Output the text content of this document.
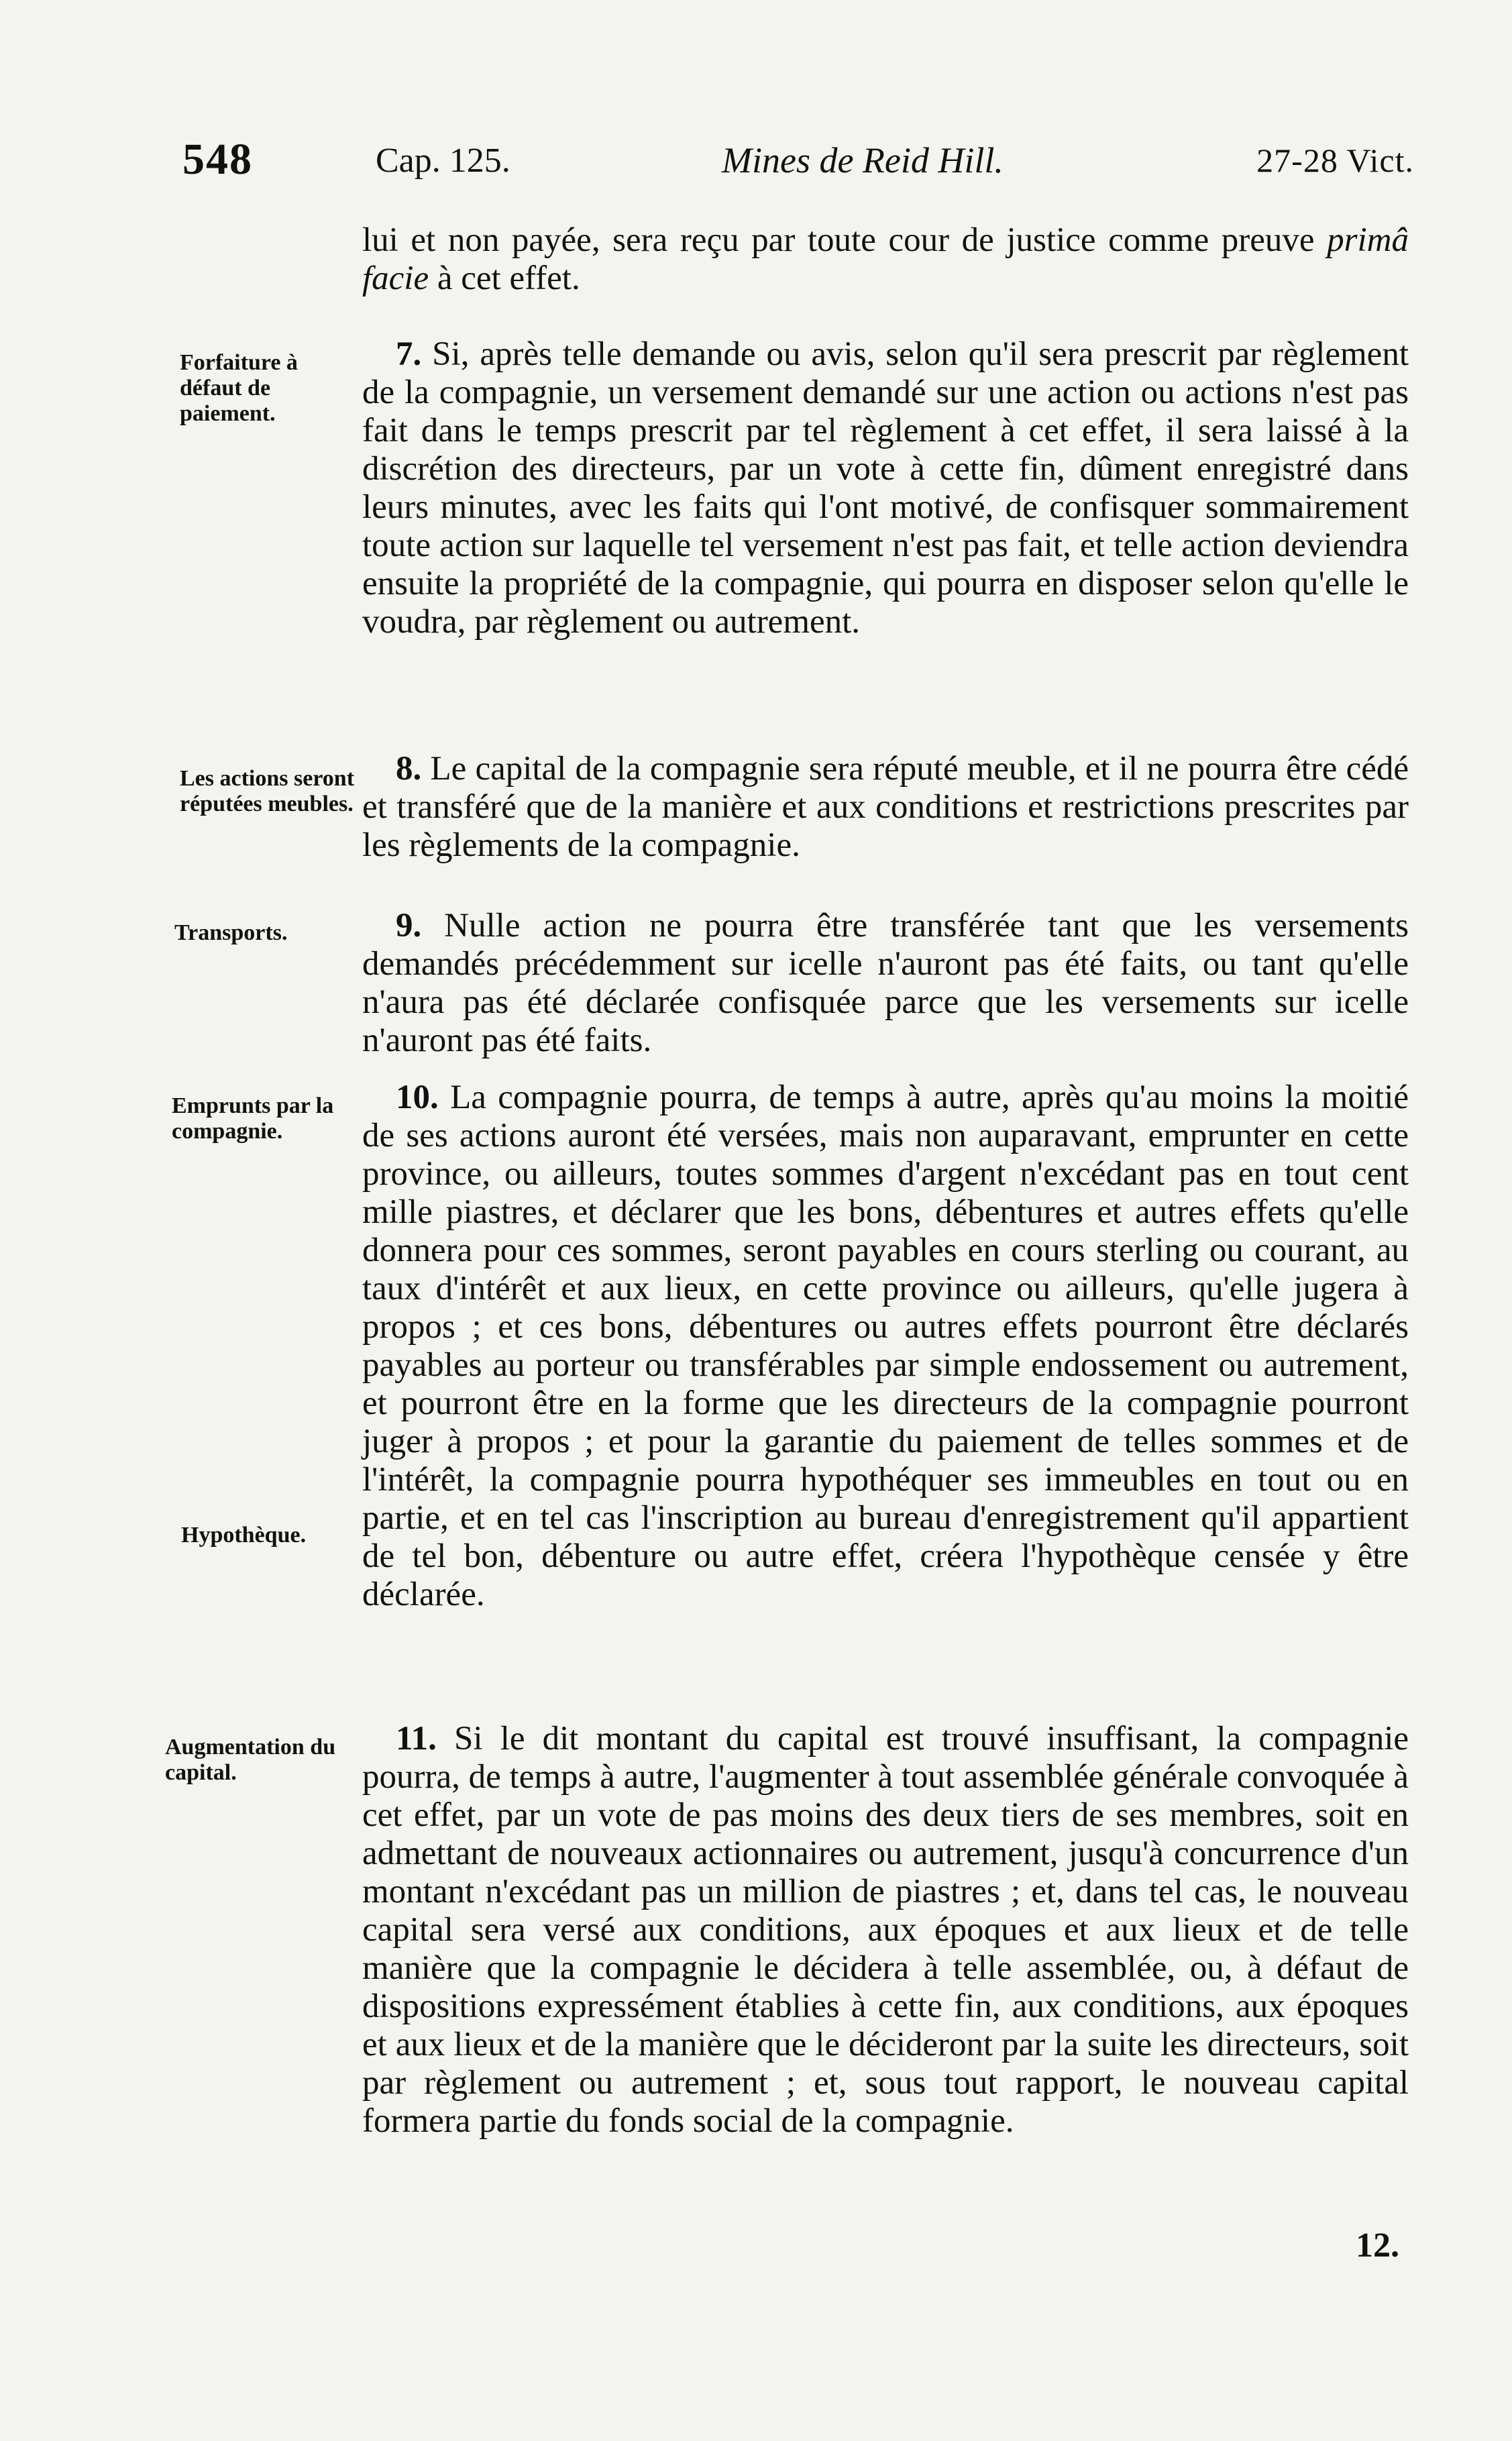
548	Cap. 125.	Mines de Reid Hill.	27-28 Vict.
lui et non payée, sera reçu par toute cour de justice comme preuve primâ facie à cet effet.
Forfaiture à défaut de paiement.
7. Si, après telle demande ou avis, selon qu'il sera prescrit par règlement de la compagnie, un versement demandé sur une action ou actions n'est pas fait dans le temps prescrit par tel règlement à cet effet, il sera laissé à la discrétion des directeurs, par un vote à cette fin, dûment enregistré dans leurs minutes, avec les faits qui l'ont motivé, de confisquer sommairement toute action sur laquelle tel versement n'est pas fait, et telle action deviendra ensuite la propriété de la compagnie, qui pourra en disposer selon qu'elle le voudra, par règlement ou autrement.
Les actions seront réputées meubles.
8. Le capital de la compagnie sera réputé meuble, et il ne pourra être cédé et transféré que de la manière et aux conditions et restrictions prescrites par les règlements de la compagnie.
Transports.	9. Nulle action ne pourra être transférée tant que les versements demandés précédemment sur icelle n'auront pas été faits, ou tant qu'elle n'aura pas été déclarée confisquée parce que les versements sur icelle n'auront pas été faits.
Emprunts par la compagnie.
Hypothèque.
10. La compagnie pourra, de temps à autre, après qu'au moins la moitié de ses actions auront été versées, mais non auparavant, emprunter en cette province, ou ailleurs, toutes sommes d'argent n'excédant pas en tout cent mille piastres, et déclarer que les bons, débentures et autres effets qu'elle donnera pour ces sommes, seront payables en cours sterling ou courant, au taux d'intérêt et aux lieux, en cette province ou ailleurs, qu'elle jugera à propos ; et ces bons, débentures ou autres effets pourront être déclarés payables au porteur ou transférables par simple endossement ou autrement, et pourront être en la forme que les directeurs de la compagnie pourront juger à propos ; et pour la garantie du paiement de telles sommes et de l'intérêt, la compagnie pourra hypothéquer ses immeubles en tout ou en partie, et en tel cas l'inscription au bureau d'enregistrement qu'il appartient de tel bon, débenture ou autre effet, créera l'hypothèque censée y être déclarée.
Augmentation du capital.
11. Si le dit montant du capital est trouvé insuffisant, la compagnie pourra, de temps à autre, l'augmenter à tout assemblée générale convoquée à cet effet, par un vote de pas moins des deux tiers de ses membres, soit en admettant de nouveaux actionnaires ou autrement, jusqu'à concurrence d'un montant n'excédant pas un million de piastres ; et, dans tel cas, le nouveau capital sera versé aux conditions, aux époques et aux lieux et de telle manière que la compagnie le décidera à telle assemblée, ou, à défaut de dispositions expressément établies à cette fin, aux conditions, aux époques et aux lieux et de la manière que le décideront par la suite les directeurs, soit par règlement ou autrement ; et, sous tout rapport, le nouveau capital formera partie du fonds social de la compagnie.
12.
